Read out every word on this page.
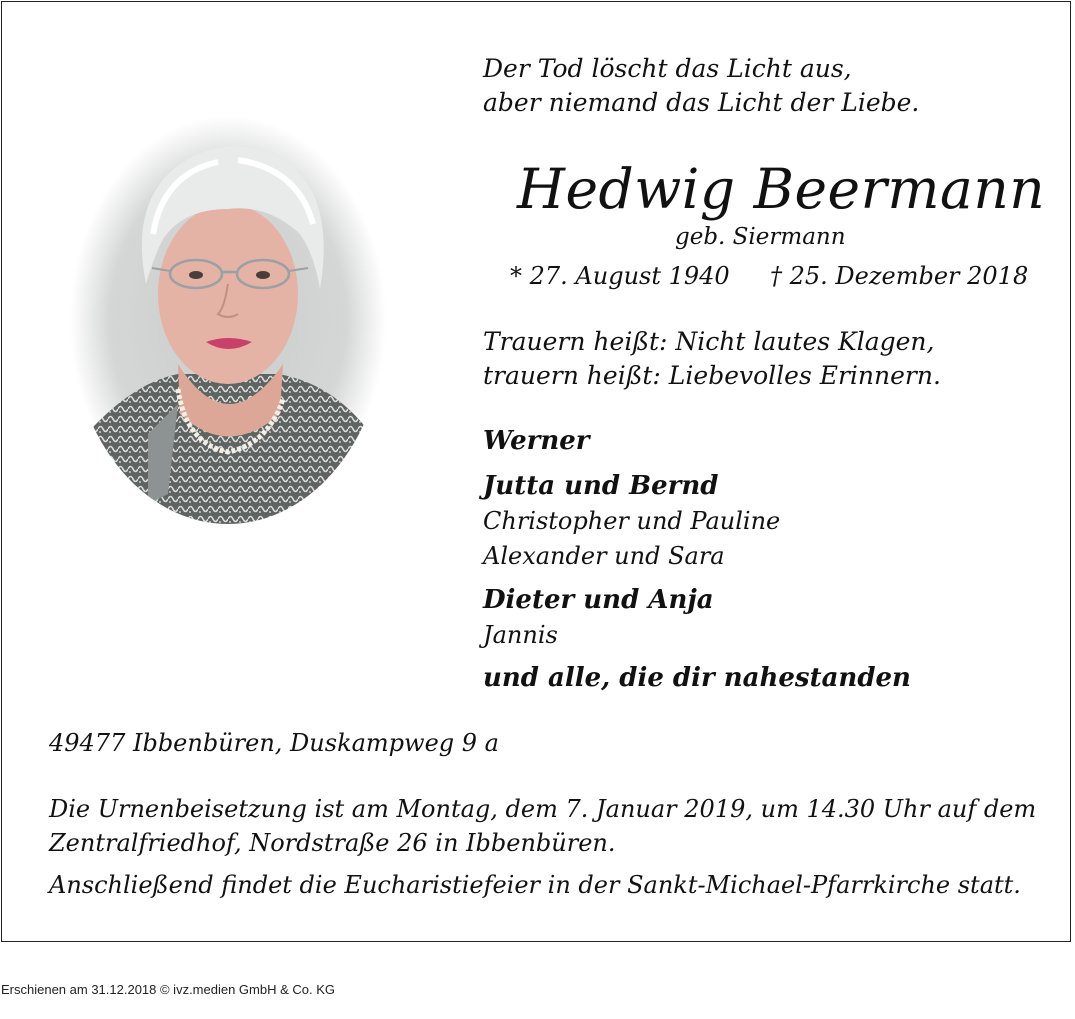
Der Tod löscht das Licht aus,
aber niemand das Licht der Liebe.
Hedwig Beermann
geb. Siermann
* 27. August 1940 † 25. Dezember 2018
Trauern heißt: Nicht lautes Klagen,
trauern heißt: Liebevolles Erinnern.
Werner
Jutta und Bernd
Christopher und Pauline
Alexander und Sara
Dieter und Anja
Jannis
und alle, die dir nahestanden
49477 Ibbenbüren, Duskampweg 9 a
Die Urnenbeisetzung ist am Montag, dem 7. Januar 2019, um 14.30 Uhr auf dem
Zentralfriedhof, Nordstraße 26 in Ibbenbüren.
Anschließend findet die Eucharistiefeier in der Sankt-Michael-Pfarrkirche statt.
Erschienen am 31.12.2018 © ivz.medien GmbH & Co. KG
